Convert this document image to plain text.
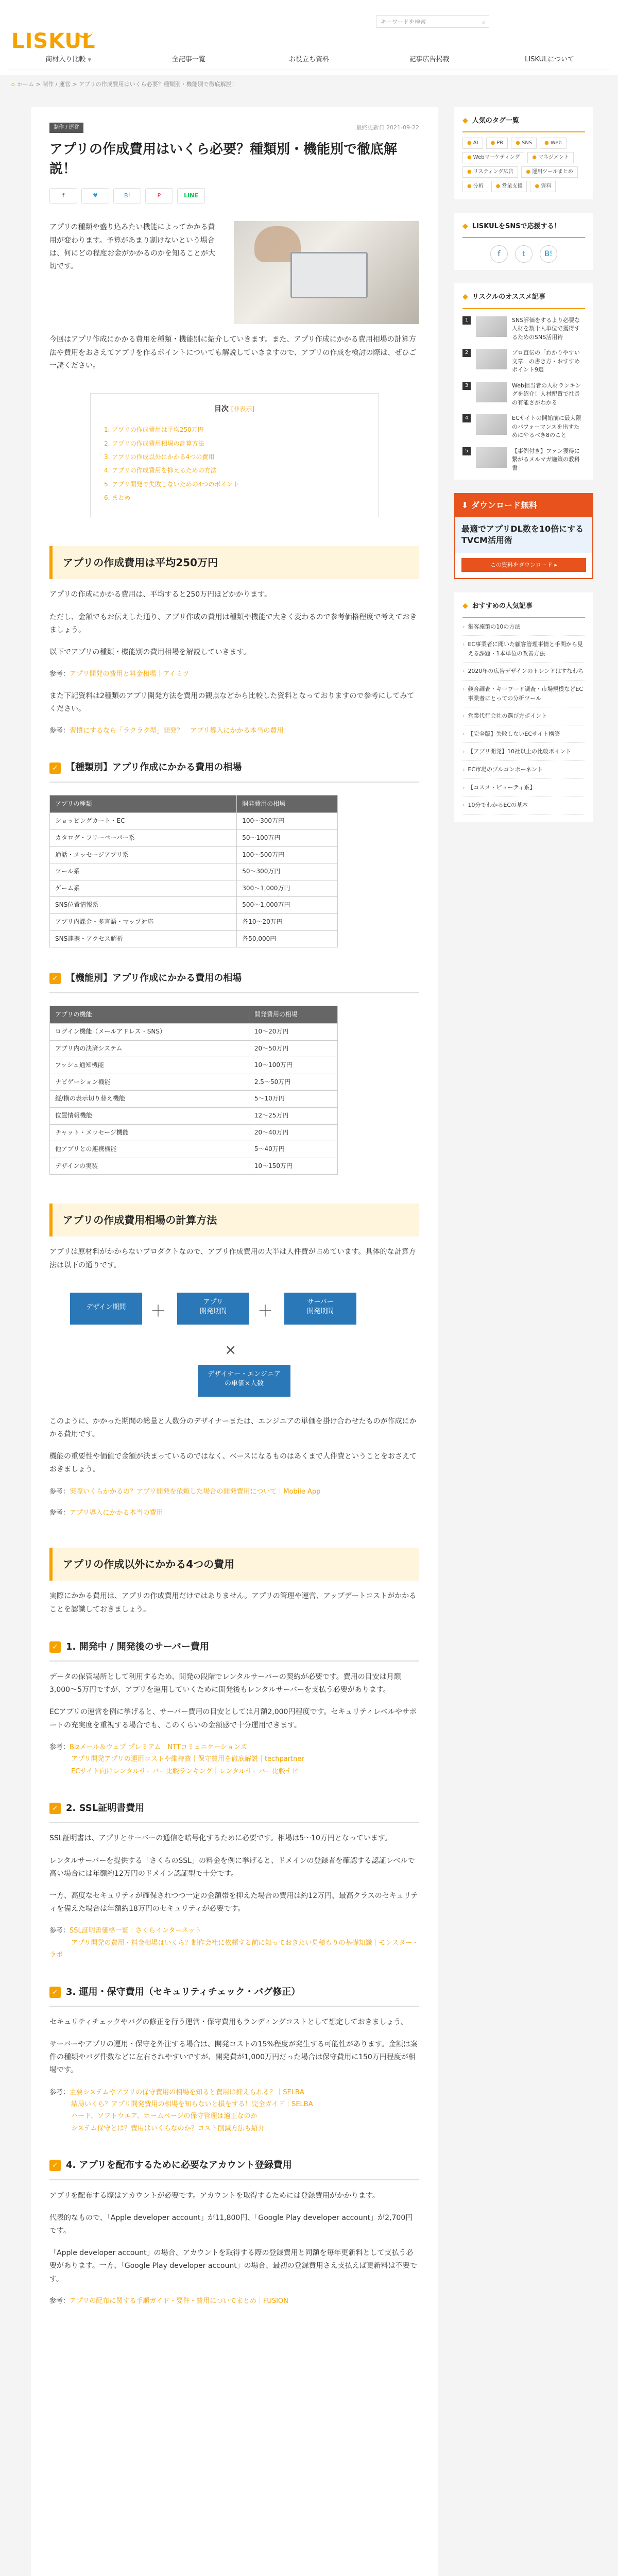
LISKUL
キーワードを検索	⌕
商材入り比較 ▼	全記事一覧	お役立ち資料	記事広告掲載	LISKULについて
⌂ ホーム > 制作 / 運営 > アプリの作成費用はいくら必要？種類別・機能別で徹底解説！
制作 / 運営	最終更新日 2021-09-22
アプリの作成費用はいくら必要？種類別・機能別で徹底解説！
f	♥	B!	P	LINE

アプリの種類や盛り込みたい機能によってかかる費用が変わります。予算があまり割けないという場合は、何にどの程度お金がかかるのかを知ることが大切です。

今回はアプリ作成にかかる費用を種類・機能別に紹介していきます。また、アプリ作成にかかる費用相場の計算方法や費用をおさえてアプリを作るポイントについても解説していきますので、アプリの作成を検討の際は、ぜひご一読ください。

目次 [非表示]
1. アプリの作成費用は平均250万円
2. アプリの作成費用相場の計算方法
3. アプリの作成以外にかかる4つの費用
4. アプリの作成費用を抑えるための方法
5. アプリ開発で失敗しないための4つのポイント
6. まとめ
アプリの作成費用は平均250万円

アプリの作成にかかる費用は、平均すると250万円ほどかかります。

ただし、金額でもお伝えした通り、アプリ作成の費用は種類や機能で大きく変わるので参考価格程度で考えておきましょう。

以下でアプリの種類・機能別の費用相場を解説していきます。

参考：アプリ開発の費用と料金相場｜アイミツ

また下記資料は2種類のアプリ開発方法を費用の観点などから比較した資料となっておりますので参考にしてみてください。

参考：習慣にするなら「ラクラク型」開発？　アプリ導入にかかる本当の費用

✓ 【種類別】アプリ作成にかかる費用の相場
アプリの種類	開発費用の相場
ショッピングカート・EC	100〜300万円
カタログ・フリーペーパー系	50〜100万円
通話・メッセージアプリ系	100〜500万円
ツール系	50〜300万円
ゲーム系	300〜1,000万円
SNS位置情報系	500〜1,000万円
アプリ内課金・多言語・マップ対応	各10〜20万円
SNS連携・アクセス解析	各50,000円
✓ 【機能別】アプリ作成にかかる費用の相場
アプリの機能	開発費用の相場
ログイン機能（メールアドレス・SNS）	10〜20万円
アプリ内の決済システム	20〜50万円
プッシュ通知機能	10〜100万円
ナビゲーション機能	2.5〜50万円
縦/横の表示切り替え機能	5〜10万円
位置情報機能	12〜25万円
チャット・メッセージ機能	20〜40万円
他アプリとの連携機能	5〜40万円
デザインの実装	10〜150万円
アプリの作成費用相場の計算方法

アプリは原材料がかからないプロダクトなので、アプリ作成費用の大半は人件費が占めています。具体的な計算方法は以下の通りです。

デザイン期間	＋
アプリ
開発期間	＋
サーバー
開発期間
×
デザイナー・エンジニア
の単価×人数

このように、かかった期間の総量と人数分のデザイナーまたは、エンジニアの単価を掛け合わせたものが作成にかかる費用です。

機能の重要性や価値で金額が決まっているのではなく、ベースになるものはあくまで人件費ということをおさえておきましょう。

参考：実際いくらかかるの？アプリ開発を依頼した場合の開発費用について｜Mobile App

参考：アプリ導入にかかる本当の費用

アプリの作成以外にかかる4つの費用

実際にかかる費用は、アプリの作成費用だけではありません。アプリの管理や運営、アップデートコストがかかることを認識しておきましょう。

✓ 1. 開発中 / 開発後のサーバー費用

データの保管場所として利用するため、開発の段階でレンタルサーバーの契約が必要です。費用の目安は月額3,000〜5万円ですが、アプリを運用していくために開発後もレンタルサーバーを支払う必要があります。

ECアプリの運営を例に挙げると、サーバー費用の目安としては月額2,000円程度です。セキュリティレベルやサポートの充実度を重視する場合でも、このくらいの金額感で十分運用できます。

参考：Bizメール＆ウェブ プレミアム｜NTTコミュニケーションズ
アプリ開発アプリの運用コストや維持費｜保守費用を徹底解説｜techpartner
ECサイト向けレンタルサーバー比較ランキング｜レンタルサーバー比較ナビ

✓ 2. SSL証明書費用

SSL証明書は、アプリとサーバーの通信を暗号化するために必要です。相場は5〜10万円となっています。

レンタルサーバーを提供する「さくらのSSL」の料金を例に挙げると、ドメインの登録者を確認する認証レベルで高い場合には年額約12万円のドメイン認証型で十分です。

一方、高度なセキュリティが確保されつつ一定の金額帯を抑えた場合の費用は約12万円、最高クラスのセキュリティを備えた場合は年額約18万円のセキュリティが必要です。

参考：SSL証明書価格一覧｜さくらインターネット
アプリ開発の費用・料金相場はいくら？制作会社に依頼する前に知っておきたい見積もりの基礎知識｜モンスター・ラボ

✓ 3. 運用・保守費用（セキュリティチェック・バグ修正）

セキュリティチェックやバグの修正を行う運営・保守費用もランディングコストとして想定しておきましょう。

サーバーやアプリの運用・保守を外注する場合は、開発コストの15%程度が発生する可能性があります。金額は案件の種類やバグ件数などに左右されやすいですが、開発費が1,000万円だった場合は保守費用に150万円程度が相場です。

参考：主要システムやアプリの保守費用の相場を知ると費用は抑えられる？｜SELBA
結局いくら？アプリ開発費用の相場を知らないと損をする！完全ガイド｜SELBA
ハード、ソフトウエア、ホームページの保守管理は適正なのか
システム保守とは？費用はいくらなのか？コスト削減方法も紹介

✓ 4. アプリを配布するために必要なアカウント登録費用

アプリを配布する際はアカウントが必要です。アカウントを取得するためには登録費用がかかります。

代表的なもので、「Apple developer account」が11,800円、「Google Play developer account」が2,700円です。

「Apple developer account」の場合、アカウントを取得する際の登録費用と同額を毎年更新料として支払う必要があります。一方、「Google Play developer account」の場合、最初の登録費用さえ支払えば更新料は不要です。

参考：アプリの配布に関する手順ガイド・要件・費用についてまとめ｜FUSION

◆ 人気のタグ一覧
● AI	● PR	● SNS	● Web
● Webマーケティング	● マネジメント
● リスティング広告	● 運用ツールまとめ
● 分析	● 営業支援	● 資料
◆ LISKULをSNSで応援する！
f	t	B!
◆ リスクルのオススメ記事
1	SNS評価をするより必要な人材を数十人単位で獲得するためのSNS活用術
2	プロ直伝の「わかりやすい文章」の書き方・おすすめポイント9選
3	Web担当者の人材ランキングを紹介！人材配置で社長の有能さがわかる
4	ECサイトの開始前に最大限のパフォーマンスを出すためにやるべき8のこと
5	【事例付き】ファン獲得に繋がるメルマガ施策の教科書
⬇ ダウンロード無料
最適でアプリDL数を10倍にするTVCM活用術
この資料をダウンロード ▸
◆ おすすめの人気記事
› 集客施策の10の方法
› EC事業者に聞いた顧客管理事情と手間から見える課題・1本単位の改善方法
› 2020年の広告デザインのトレンドはすなわち
› 競合調査・キーワード調査・市場規模などEC事業者にとっての分析ツール
› 営業代行会社の選び方ポイント
› 【完全版】失敗しないECサイト構築
› 【アプリ開発】10社以上の比較ポイント
› EC市場のプルコンポーネント
› 【コスメ・ビューティ系】
› 10分でわかるECの基本
